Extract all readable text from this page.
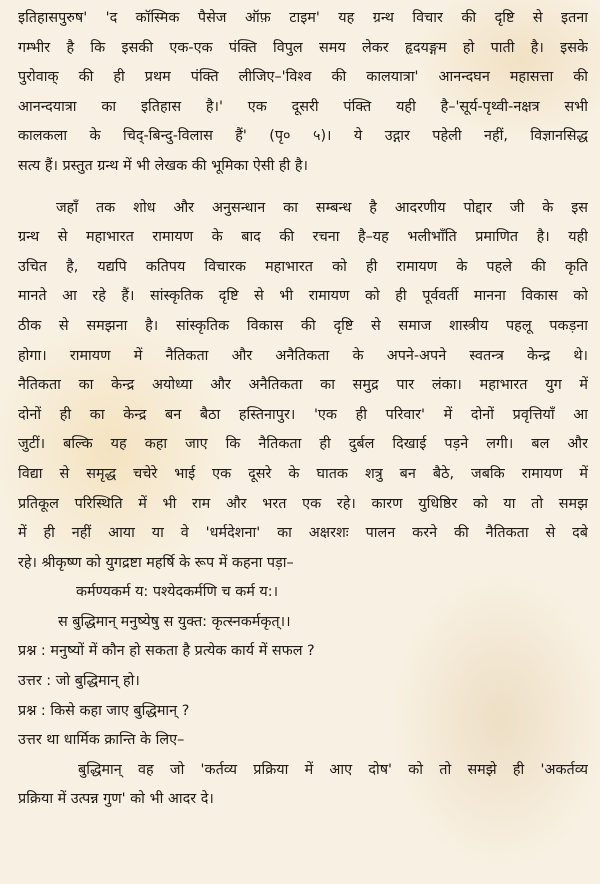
इतिहासपुरुष' 'द कॉस्मिक पैसेज ऑफ़ टाइम' यह ग्रन्थ विचार की दृष्टि से इतना
गम्भीर है कि इसकी एक-एक पंक्ति विपुल समय लेकर हृदयङ्गम हो पाती है। इसके
पुरोवाक् की ही प्रथम पंक्ति लीजिए–'विश्व की कालयात्रा' आनन्दघन महासत्ता की
आनन्दयात्रा का इतिहास है।' एक दूसरी पंक्ति यही है–'सूर्य-पृथ्वी-नक्षत्र सभी
कालकला के चिद्-बिन्दु-विलास हैं' (पृ० ५)। ये उद्गार पहेली नहीं, विज्ञानसिद्ध
सत्य हैं। प्रस्तुत ग्रन्थ में भी लेखक की भूमिका ऐसी ही है।
जहाँ तक शोध और अनुसन्धान का सम्बन्ध है आदरणीय पोद्दार जी के इस
ग्रन्थ से महाभारत रामायण के बाद की रचना है–यह भलीभाँति प्रमाणित है। यही
उचित है, यद्यपि कतिपय विचारक महाभारत को ही रामायण के पहले की कृति
मानते आ रहे हैं। सांस्कृतिक दृष्टि से भी रामायण को ही पूर्ववर्ती मानना विकास को
ठीक से समझना है। सांस्कृतिक विकास की दृष्टि से समाज शास्त्रीय पहलू पकड़ना
होगा। रामायण में नैतिकता और अनैतिकता के अपने-अपने स्वतन्त्र केन्द्र थे।
नैतिकता का केन्द्र अयोध्या और अनैतिकता का समुद्र पार लंका। महाभारत युग में
दोनों ही का केन्द्र बन बैठा हस्तिनापुर। 'एक ही परिवार' में दोनों प्रवृत्तियाँ आ
जुटीं। बल्कि यह कहा जाए कि नैतिकता ही दुर्बल दिखाई पड़ने लगी। बल और
विद्या से समृद्ध चचेरे भाई एक दूसरे के घातक शत्रु बन बैठे, जबकि रामायण में
प्रतिकूल परिस्थिति में भी राम और भरत एक रहे। कारण युधिष्ठिर को या तो समझ
में ही नहीं आया या वे 'धर्मदेशना' का अक्षरशः पालन करने की नैतिकता से दबे
रहे। श्रीकृष्ण को युगद्रष्टा महर्षि के रूप में कहना पड़ा–
कर्मण्यकर्म य: पश्येदकर्मणि च कर्म य:।
स बुद्धिमान् मनुष्येषु स युक्त: कृत्स्नकर्मकृत्।।
प्रश्न : मनुष्यों में कौन हो सकता है प्रत्येक कार्य में सफल ?
उत्तर : जो बुद्धिमान् हो।
प्रश्न : किसे कहा जाए बुद्धिमान् ?
उत्तर था धार्मिक क्रान्ति के लिए–
बुद्धिमान् वह जो 'कर्तव्य प्रक्रिया में आए दोष' को तो समझे ही 'अकर्तव्य
प्रक्रिया में उत्पन्न गुण' को भी आदर दे।
